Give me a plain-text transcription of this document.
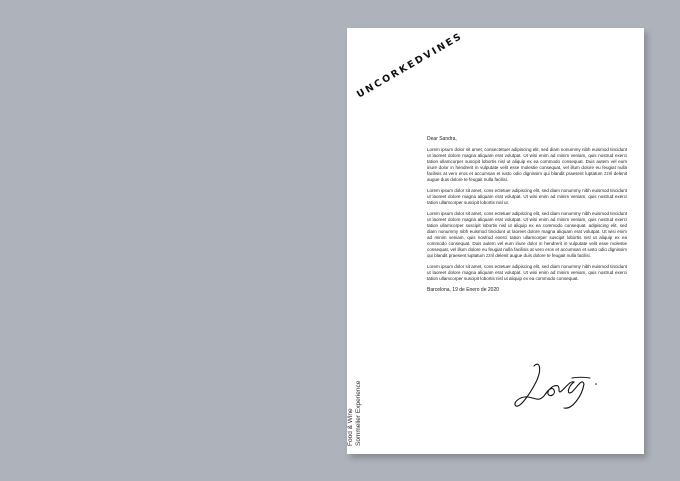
UNCORKEDVINES

Dear Sandra,

Lorem ipsum dolor sit amet, consectetuer adipiscing elit, sed diam nonummy nibh euismod tincidunt ut laoreet dolore magna aliquam erat volutpat. Ut wisi enim ad minim veniam, quis nostrud exerci tation ullamcorper suscipit lobortis nisl ut aliquip ex ea commodo consequat. Duis autem vel eum iriure dolor in hendrerit in vulputate velit esse molestie consequat, vel illum dolore eu feugiat nulla facilisis at vero eros et accumsan et iusto odio dignissim qui blandit praesent luptatum zzril delenit augue duis dolore te feugait nulla facilisi.

Lorem ipsum dolor sit amet, cons ectetuer adipiscing elit, sed diam nonummy nibh euismod tincidunt ut laoreet dolore magna aliquam erat volutpat. Ut wisi enim ad minim veniam, quis nostrud exerci tation ullamcorper suscipit lobortis nisl ut.

Lorem ipsum dolor sit amet, cons ectetuer adipiscing elit, sed diam nonummy nibh euismod tincidunt ut laoreet dolore magna aliquam erat volutpat. Ut wisi enim ad minim veniam, quis nostrud exerci tation ullamcorper suscipit lobortis nisl ut aliquip ex ea commodo consequat. adipiscing elit, sed diam nonummy nibh euismod tincidunt ut laoreet dolore magna aliquam erat volutpat. Ut wisi enim ad minim veniam, quis nostrud exerci tation ullamcorper suscipit lobortis nisl ut aliquip ex ea commodo consequat. Duis autem vel eum iriure dolor in hendrerit in vulputate velit esse molestie consequat, vel illum dolore eu feugiat nulla facilisis at vero eros et accumsan et iusto odio dignissim qui blandit praesent luptatum zzril delenit augue duis dolore te feugait nulla facilisi.

Lorem ipsum dolor sit amet, cons ectetuer adipiscing elit, sed diam nonummy nibh euismod tincidunt ut laoreet dolore magna aliquam erat volutpat. Ut wisi enim ad minim veniam, quis nostrud exerci tation ullamcorper suscipit lobortis nisl ut aliquip ex ea commodo consequat.

Barcelona, 19 de Enero de 2020

Food & Wine Sommelier Experience
